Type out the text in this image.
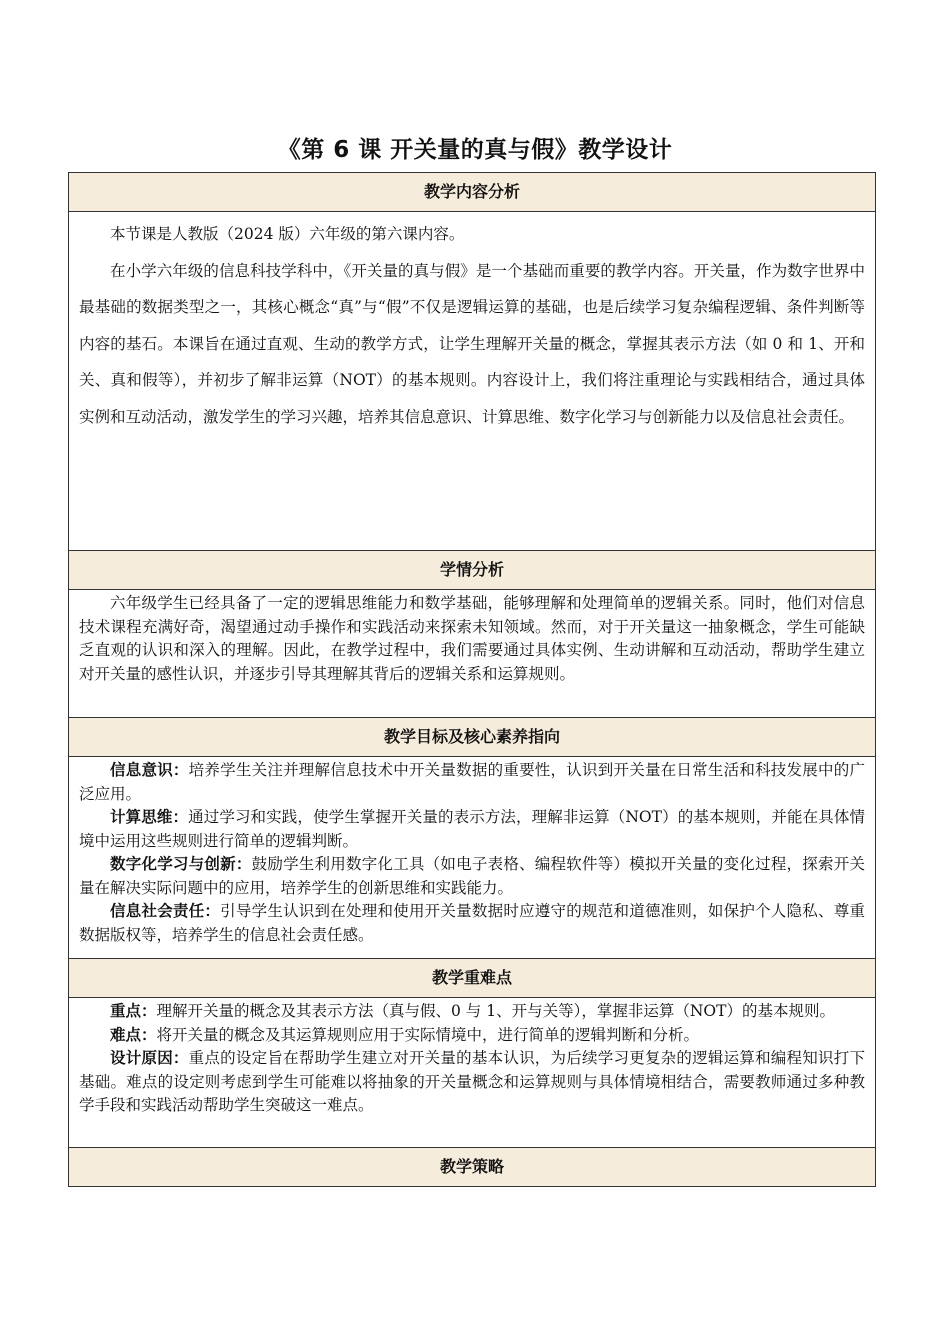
《第 6 课 开关量的真与假》教学设计
教学内容分析

本节课是人教版（2024 版）六年级的第六课内容。

在小学六年级的信息科技学科中，《开关量的真与假》是一个基础而重要的教学内容。开关量，作为数字世界中最基础的数据类型之一，其核心概念“真”与“假”不仅是逻辑运算的基础，也是后续学习复杂编程逻辑、条件判断等内容的基石。本课旨在通过直观、生动的教学方式，让学生理解开关量的概念，掌握其表示方法（如 0 和 1、开和关、真和假等），并初步了解非运算（NOT）的基本规则。内容设计上，我们将注重理论与实践相结合，通过具体实例和互动活动，激发学生的学习兴趣，培养其信息意识、计算思维、数字化学习与创新能力以及信息社会责任。

学情分析

六年级学生已经具备了一定的逻辑思维能力和数学基础，能够理解和处理简单的逻辑关系。同时，他们对信息技术课程充满好奇，渴望通过动手操作和实践活动来探索未知领域。然而，对于开关量这一抽象概念，学生可能缺乏直观的认识和深入的理解。因此，在教学过程中，我们需要通过具体实例、生动讲解和互动活动，帮助学生建立对开关量的感性认识，并逐步引导其理解其背后的逻辑关系和运算规则。

教学目标及核心素养指向

信息意识：培养学生关注并理解信息技术中开关量数据的重要性，认识到开关量在日常生活和科技发展中的广泛应用。

计算思维：通过学习和实践，使学生掌握开关量的表示方法，理解非运算（NOT）的基本规则，并能在具体情境中运用这些规则进行简单的逻辑判断。

数字化学习与创新：鼓励学生利用数字化工具（如电子表格、编程软件等）模拟开关量的变化过程，探索开关量在解决实际问题中的应用，培养学生的创新思维和实践能力。

信息社会责任：引导学生认识到在处理和使用开关量数据时应遵守的规范和道德准则，如保护个人隐私、尊重数据版权等，培养学生的信息社会责任感。

教学重难点

重点：理解开关量的概念及其表示方法（真与假、0 与 1、开与关等），掌握非运算（NOT）的基本规则。

难点：将开关量的概念及其运算规则应用于实际情境中，进行简单的逻辑判断和分析。

设计原因：重点的设定旨在帮助学生建立对开关量的基本认识，为后续学习更复杂的逻辑运算和编程知识打下基础。难点的设定则考虑到学生可能难以将抽象的开关量概念和运算规则与具体情境相结合，需要教师通过多种教学手段和实践活动帮助学生突破这一难点。

教学策略
